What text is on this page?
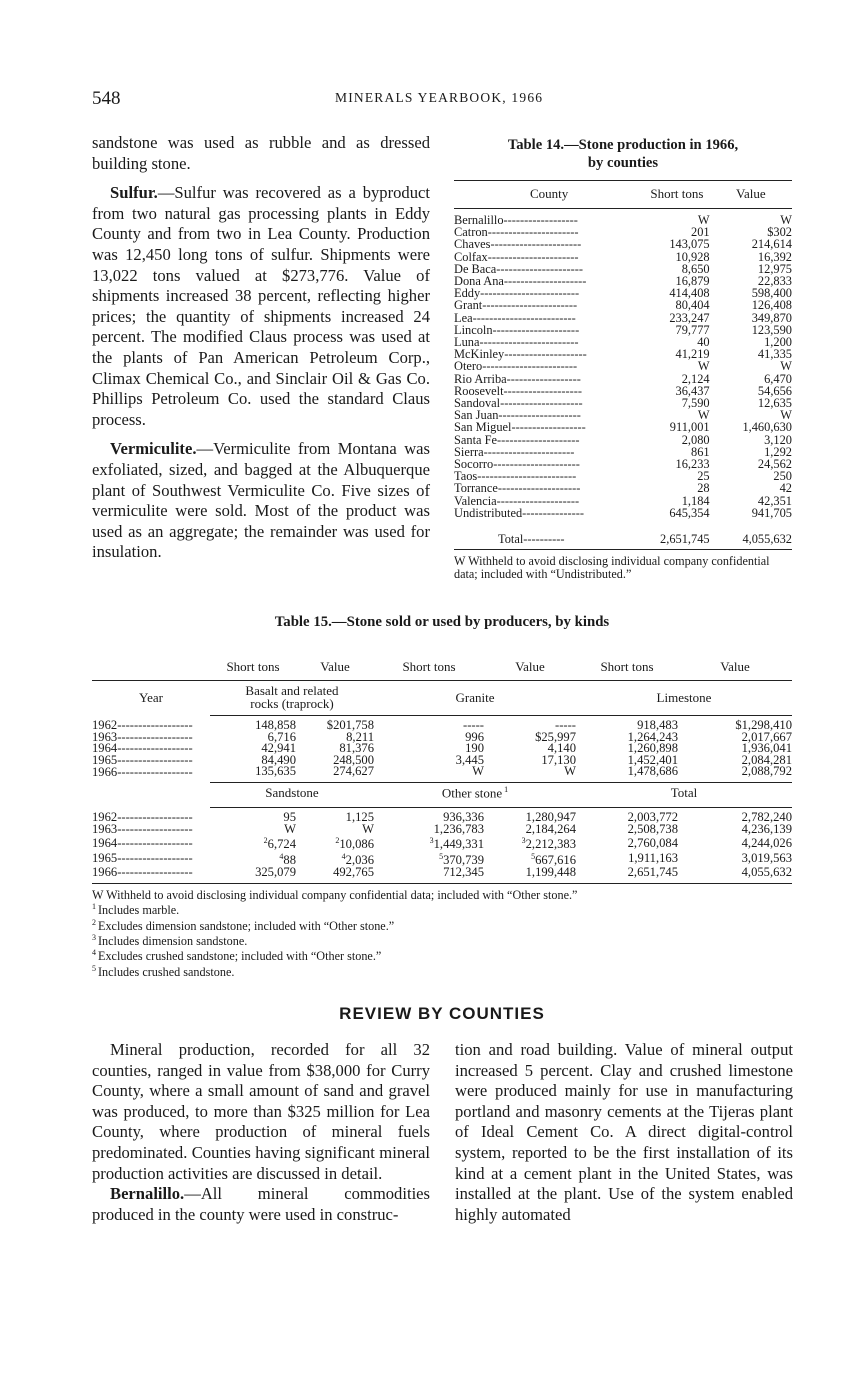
548	MINERALS YEARBOOK, 1966

sandstone was used as rubble and as dressed building stone.

Sulfur.—Sulfur was recovered as a byproduct from two natural gas processing plants in Eddy County and from two in Lea County. Production was 12,450 long tons of sulfur. Shipments were 13,022 tons valued at $273,776. Value of shipments increased 38 percent, reflecting higher prices; the quantity of shipments increased 24 percent. The modified Claus process was used at the plants of Pan American Petroleum Corp., Climax Chemical Co., and Sinclair Oil & Gas Co. Phillips Petroleum Co. used the standard Claus process.

Vermiculite.—Vermiculite from Montana was exfoliated, sized, and bagged at the Albuquerque plant of Southwest Vermiculite Co. Five sizes of vermiculite were sold. Most of the product was used as an aggregate; the remainder was used for insulation.

Table 14.—Stone production in 1966,
by counties
County	Short tons	Value
Bernalillo------------------	W	W
Catron----------------------	201	$302
Chaves----------------------	143,075	214,614
Colfax----------------------	10,928	16,392
De Baca---------------------	8,650	12,975
Dona Ana--------------------	16,879	22,833
Eddy------------------------	414,408	598,400
Grant-----------------------	80,404	126,408
Lea-------------------------	233,247	349,870
Lincoln---------------------	79,777	123,590
Luna------------------------	40	1,200
McKinley--------------------	41,219	41,335
Otero-----------------------	W	W
Rio Arriba------------------	2,124	6,470
Roosevelt-------------------	36,437	54,656
Sandoval--------------------	7,590	12,635
San Juan--------------------	W	W
San Miguel------------------	911,001	1,460,630
Santa Fe--------------------	2,080	3,120
Sierra----------------------	861	1,292
Socorro---------------------	16,233	24,562
Taos------------------------	25	250
Torrance--------------------	28	42
Valencia--------------------	1,184	42,351
Undistributed---------------	645,354	941,705
Total----------	2,651,745	4,055,632
W Withheld to avoid disclosing individual company confidential data; included with “Undistributed.”
Table 15.—Stone sold or used by producers, by kinds
	Short tons	Value	Short tons	Value	Short tons	Value
Year	Basalt and related
rocks (traprock)		Granite		Limestone	
1962------------------	148,858	$201,758	-----	-----	918,483	$1,298,410
1963------------------	6,716	8,211	996	$25,997	1,264,243	2,017,667
1964------------------	42,941	81,376	190	4,140	1,260,898	1,936,041
1965------------------	84,490	248,500	3,445	17,130	1,452,401	2,084,281
1966------------------	135,635	274,627	W	W	1,478,686	2,088,792
	Sandstone		Other stone $^1$		Total	
1962------------------	95	1,125	936,336	1,280,947	2,003,772	2,782,240
1963------------------	W	W	1,236,783	2,184,264	2,508,738	4,236,139
1964------------------	$^2$6,724	$^2$10,086	$^3$1,449,331	$^3$2,212,383	2,760,084	4,244,026
1965------------------	$^4$88	$^4$2,036	$^5$370,739	$^5$667,616	1,911,163	3,019,563
1966------------------	325,079	492,765	712,345	1,199,448	2,651,745	4,055,632

W Withheld to avoid disclosing individual company confidential data; included with “Other stone.”
$^1$ Includes marble.
$^2$ Excludes dimension sandstone; included with “Other stone.”
$^3$ Includes dimension sandstone.
$^4$ Excludes crushed sandstone; included with “Other stone.”
$^5$ Includes crushed sandstone.
REVIEW BY COUNTIES

Mineral production, recorded for all 32 counties, ranged in value from $38,000 for Curry County, where a small amount of sand and gravel was produced, to more than $325 million for Lea County, where production of mineral fuels predominated. Counties having significant mineral production activities are discussed in detail.

Bernalillo.—All mineral commodities produced in the county were used in construc-

tion and road building. Value of mineral output increased 5 percent. Clay and crushed limestone were produced mainly for use in manufacturing portland and masonry cements at the Tijeras plant of Ideal Cement Co. A direct digital-control system, reported to be the first installation of its kind at a cement plant in the United States, was installed at the plant. Use of the system enabled highly automated
